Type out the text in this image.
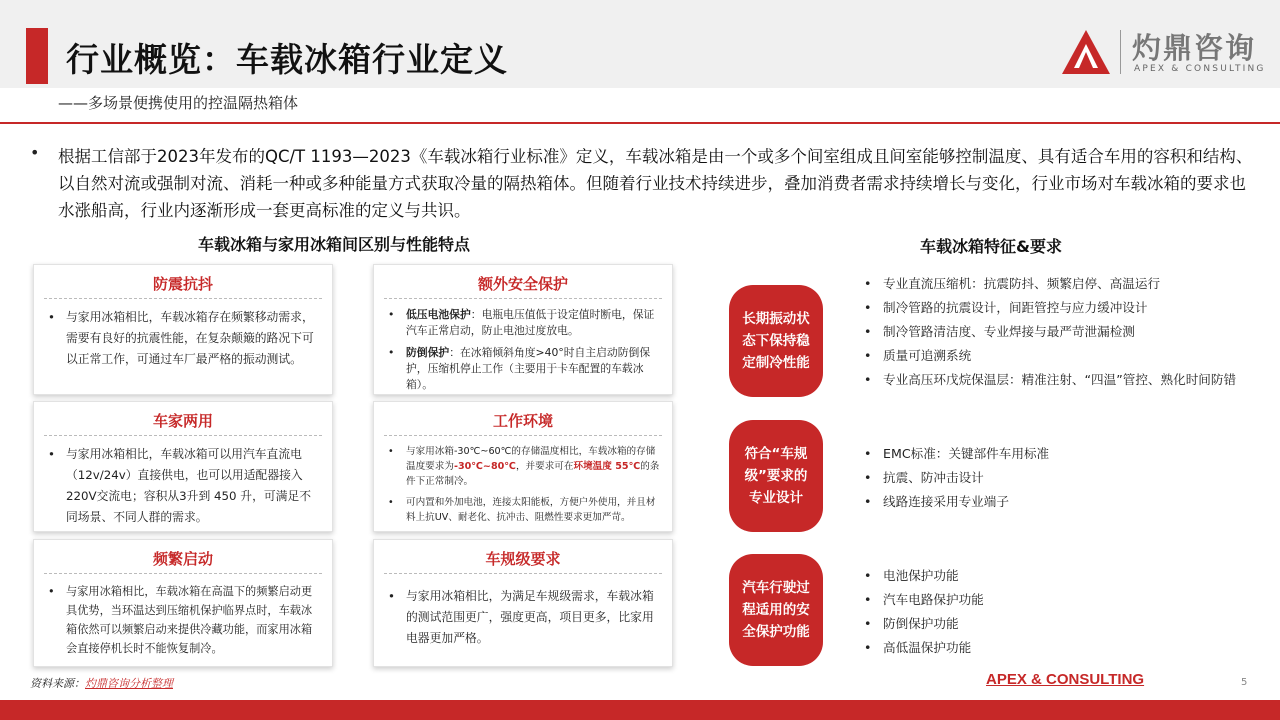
行业概览：车载冰箱行业定义
——多场景便携使用的控温隔热箱体
灼鼎咨询
APEX & CONSULTING
• 根据工信部于2023年发布的QC/T 1193—2023《车载冰箱行业标准》定义，车载冰箱是由一个或多个间室组成且间室能够控制温度、具有适合车用的容积和结构、以自然对流或强制对流、消耗一种或多种能量方式获取冷量的隔热箱体。但随着行业技术持续进步，叠加消费者需求持续增长与变化，行业市场对车载冰箱的要求也水涨船高，行业内逐渐形成一套更高标准的定义与共识。

车载冰箱与家用冰箱间区别与性能特点	车载冰箱特征&要求
防震抗抖
• 与家用冰箱相比，车载冰箱存在频繁移动需求，需要有良好的抗震性能，在复杂颠簸的路况下可以正常工作，可通过车厂最严格的振动测试。
车家两用
• 与家用冰箱相比，车载冰箱可以用汽车直流电（12v/24v）直接供电，也可以用适配器接入220V交流电；容积从3升到 450 升，可满足不同场景、不同人群的需求。
频繁启动
• 与家用冰箱相比，车载冰箱在高温下的频繁启动更具优势，当环温达到压缩机保护临界点时，车载冰箱依然可以频繁启动来提供冷藏功能，而家用冰箱会直接停机长时不能恢复制冷。
额外安全保护
• 低压电池保护：电瓶电压值低于设定值时断电，保证汽车正常启动，防止电池过度放电。
• 防倒保护：在冰箱倾斜角度>40°时自主启动防倒保护，压缩机停止工作（主要用于卡车配置的车载冰箱）。
工作环境
• 与家用冰箱-30℃~60℃的存储温度相比，车载冰箱的存储温度要求为-30℃~80℃，并要求可在环境温度 55℃的条件下正常制冷。
• 可内置和外加电池，连接太阳能板，方便户外使用，并且材料上抗UV、耐老化、抗冲击、阻燃性要求更加严苛。
车规级要求
• 与家用冰箱相比，为满足车规级需求，车载冰箱的测试范围更广，强度更高，项目更多，比家用电器更加严格。
长期振动状态下保持稳定制冷性能
• 专业直流压缩机：抗震防抖、频繁启停、高温运行
• 制冷管路的抗震设计，间距管控与应力缓冲设计
• 制冷管路清洁度、专业焊接与最严苛泄漏检测
• 质量可追溯系统
• 专业高压环戊烷保温层：精准注射、“四温”管控、熟化时间防错
符合“车规级”要求的专业设计
• EMC标准：关键部件车用标准
• 抗震、防冲击设计
• 线路连接采用专业端子
汽车行驶过程适用的安全保护功能
• 电池保护功能
• 汽车电路保护功能
• 防倒保护功能
• 高低温保护功能
资料来源：灼鼎咨询分析整理	APEX & CONSULTING	5
